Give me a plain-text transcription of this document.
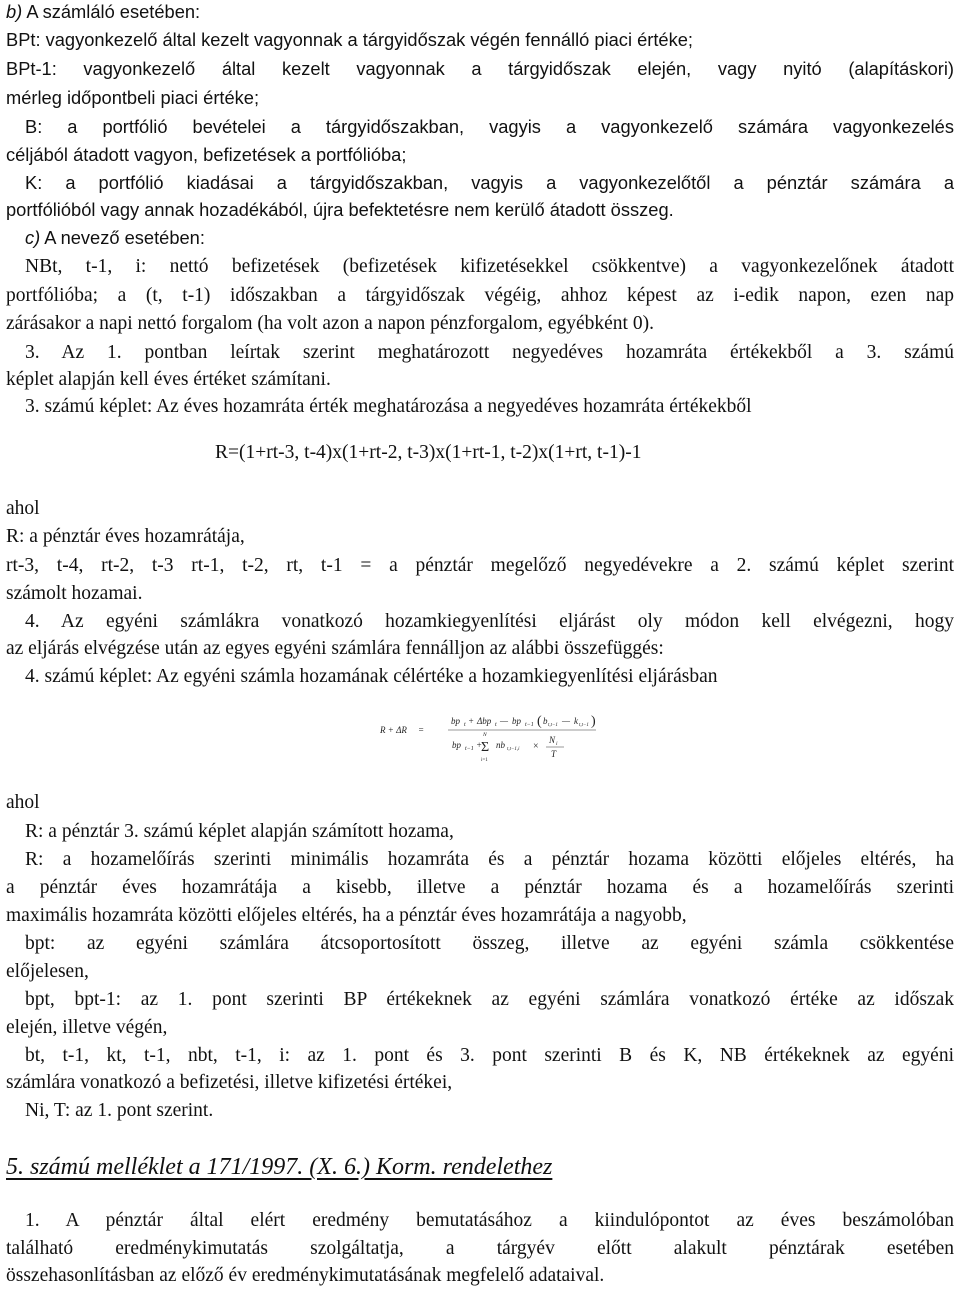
b) A számláló esetében:
BPt: vagyonkezelő által kezelt vagyonnak a tárgyidőszak végén fennálló piaci értéke;
BPt-1: vagyonkezelő által kezelt vagyonnak a tárgyidőszak elején, vagy nyitó (alapításkori)
mérleg időpontbeli piaci értéke;
B: a portfólió bevételei a tárgyidőszakban, vagyis a vagyonkezelő számára vagyonkezelés
céljából átadott vagyon, befizetések a portfólióba;
K: a portfólió kiadásai a tárgyidőszakban, vagyis a vagyonkezelőtől a pénztár számára a
portfólióból vagy annak hozadékából, újra befektetésre nem kerülő átadott összeg.
c) A nevező esetében:
NBt, t-1, i: nettó befizetések (befizetések kifizetésekkel csökkentve) a vagyonkezelőnek átadott
portfólióba; a (t, t-1) időszakban a tárgyidőszak végéig, ahhoz képest az i-edik napon, ezen nap
zárásakor a napi nettó forgalom (ha volt azon a napon pénzforgalom, egyébként 0).
3. Az 1. pontban leírtak szerint meghatározott negyedéves hozamráta értékekből a 3. számú
képlet alapján kell éves értéket számítani.
3. számú képlet: Az éves hozamráta érték meghatározása a negyedéves hozamráta értékekből
R=(1+rt-3, t-4)x(1+rt-2, t-3)x(1+rt-1, t-2)x(1+rt, t-1)-1
ahol
R: a pénztár éves hozamrátája,
rt-3, t-4, rt-2, t-3 rt-1, t-2, rt, t-1 = a pénztár megelőző negyedévekre a 2. számú képlet szerint
számolt hozamai.
4. Az egyéni számlákra vonatkozó hozamkiegyenlítési eljárást oly módon kell elvégezni, hogy
az eljárás elvégzése után az egyes egyéni számlára fennálljon az alábbi összefüggés:
4. számú képlet: Az egyéni számla hozamának célértéke a hozamkiegyenlítési eljárásban
R + ΔR =
bp t + Δbp t — bp t−1 ( b t,t−1 — k t,t−1 )
N
bp t−1 +
Σ
i=1
nb t,t−1,i ×
N i
T
ahol
R: a pénztár 3. számú képlet alapján számított hozama,
R: a hozamelőírás szerinti minimális hozamráta és a pénztár hozama közötti előjeles eltérés, ha
a pénztár éves hozamrátája a kisebb, illetve a pénztár hozama és a hozamelőírás szerinti
maximális hozamráta közötti előjeles eltérés, ha a pénztár éves hozamrátája a nagyobb,
bpt: az egyéni számlára átcsoportosított összeg, illetve az egyéni számla csökkentése
előjelesen,
bpt, bpt-1: az 1. pont szerinti BP értékeknek az egyéni számlára vonatkozó értéke az időszak
elején, illetve végén,
bt, t-1, kt, t-1, nbt, t-1, i: az 1. pont és 3. pont szerinti B és K, NB értékeknek az egyéni
számlára vonatkozó a befizetési, illetve kifizetési értékei,
Ni, T: az 1. pont szerint.
5. számú melléklet a 171/1997. (X. 6.) Korm. rendelethez
1. A pénztár által elért eredmény bemutatásához a kiindulópontot az éves beszámolóban
található eredménykimutatás szolgáltatja, a tárgyév előtt alakult pénztárak esetében
összehasonlításban az előző év eredménykimutatásának megfelelő adataival.
